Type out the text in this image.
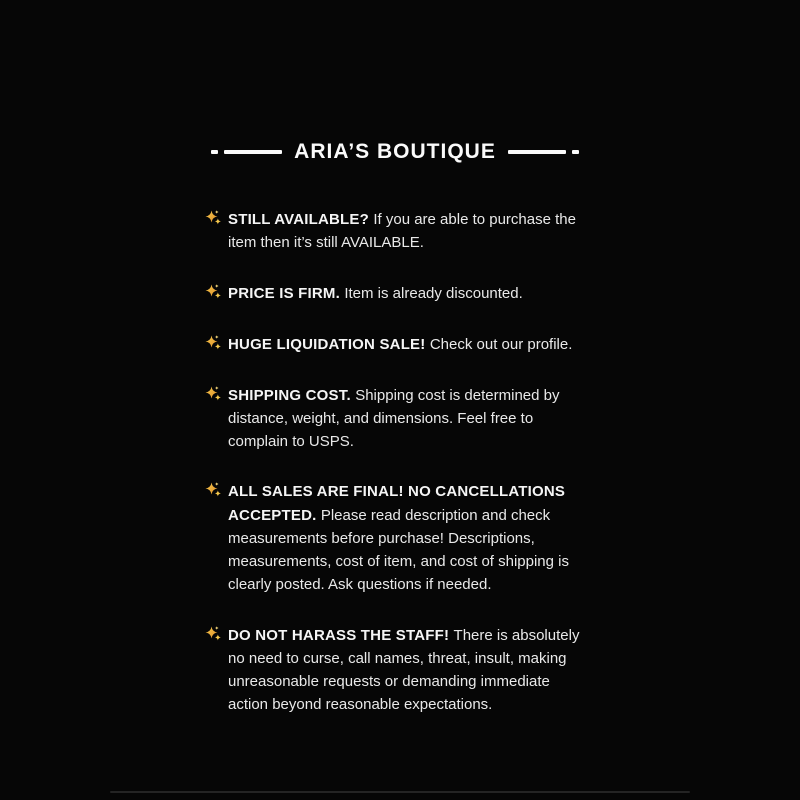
ARIA’S BOUTIQUE

STILL AVAILABLE? If you are able to purchase the item then it’s still AVAILABLE.

PRICE IS FIRM. Item is already discounted.

HUGE LIQUIDATION SALE! Check out our profile.

SHIPPING COST. Shipping cost is determined by distance, weight, and dimensions. Feel free to complain to USPS.

ALL SALES ARE FINAL! NO CANCELLATIONS ACCEPTED. Please read description and check measurements before purchase! Descriptions, measurements, cost of item, and cost of shipping is clearly posted. Ask questions if needed.

DO NOT HARASS THE STAFF! There is absolutely no need to curse, call names, threat, insult, making unreasonable requests or demanding immediate action beyond reasonable expectations.
